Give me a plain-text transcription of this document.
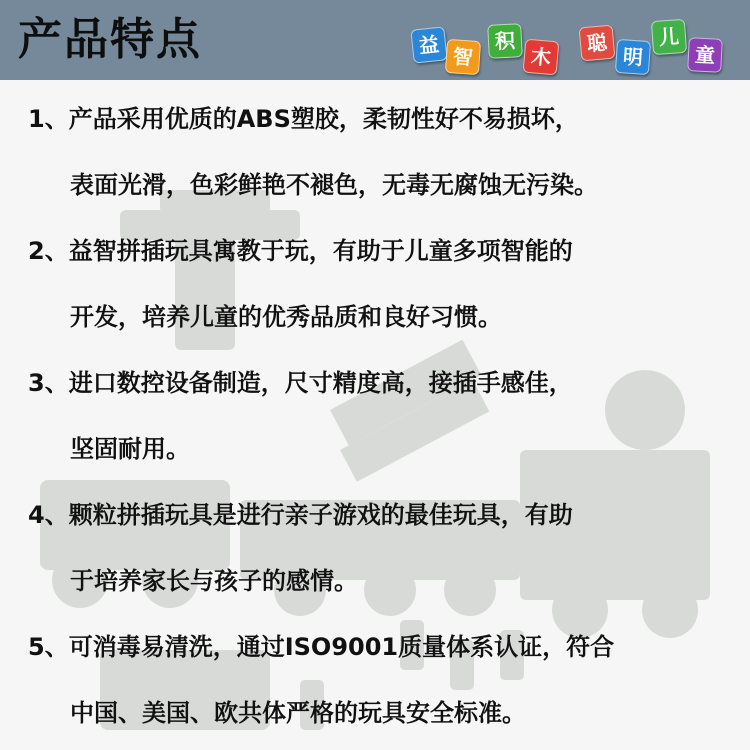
产品特点	益 智
积
木
聪
明
儿
童
1、产品采用优质的ABS塑胶，柔韧性好不易损坏，
表面光滑，色彩鲜艳不褪色，无毒无腐蚀无污染。
2、益智拼插玩具寓教于玩，有助于儿童多项智能的
开发，培养儿童的优秀品质和良好习惯。
3、进口数控设备制造，尺寸精度高，接插手感佳，
坚固耐用。
4、颗粒拼插玩具是进行亲子游戏的最佳玩具，有助
于培养家长与孩子的感情。
5、可消毒易清洗，通过ISO9001质量体系认证，符合
中国、美国、欧共体严格的玩具安全标准。
